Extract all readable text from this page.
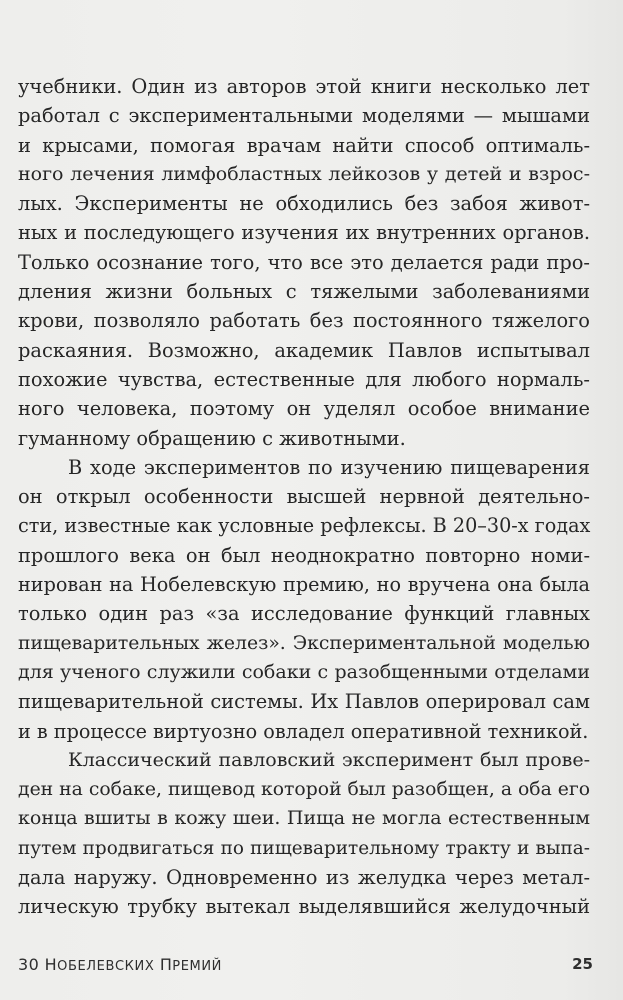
учебники. Один из авторов этой книги несколько лет
работал с экспериментальными моделями — мышами
и крысами, помогая врачам найти способ оптималь-
ного лечения лимфобластных лейкозов у детей и взрос-
лых. Эксперименты не обходились без забоя живот-
ных и последующего изучения их внутренних органов.
Только осознание того, что все это делается ради про-
дления жизни больных с тяжелыми заболеваниями
крови, позволяло работать без постоянного тяжелого
раскаяния. Возможно, академик Павлов испытывал
похожие чувства, естественные для любого нормаль-
ного человека, поэтому он уделял особое внимание
гуманному обращению с животными.
В ходе экспериментов по изучению пищеварения
он открыл особенности высшей нервной деятельно-
сти, известные как условные рефлексы. В 20–30-х годах
прошлого века он был неоднократно повторно номи-
нирован на Нобелевскую премию, но вручена она была
только один раз «за исследование функций главных
пищеварительных желез». Экспериментальной моделью
для ученого служили собаки с разобщенными отделами
пищеварительной системы. Их Павлов оперировал сам
и в процессе виртуозно овладел оперативной техникой.
Классический павловский эксперимент был прове-
ден на собаке, пищевод которой был разобщен, а оба его
конца вшиты в кожу шеи. Пища не могла естественным
путем продвигаться по пищеварительному тракту и выпа-
дала наружу. Одновременно из желудка через метал-
лическую трубку вытекал выделявшийся желудочный
30 НОБЕЛЕВСКИХ ПРЕМИЙ	25
